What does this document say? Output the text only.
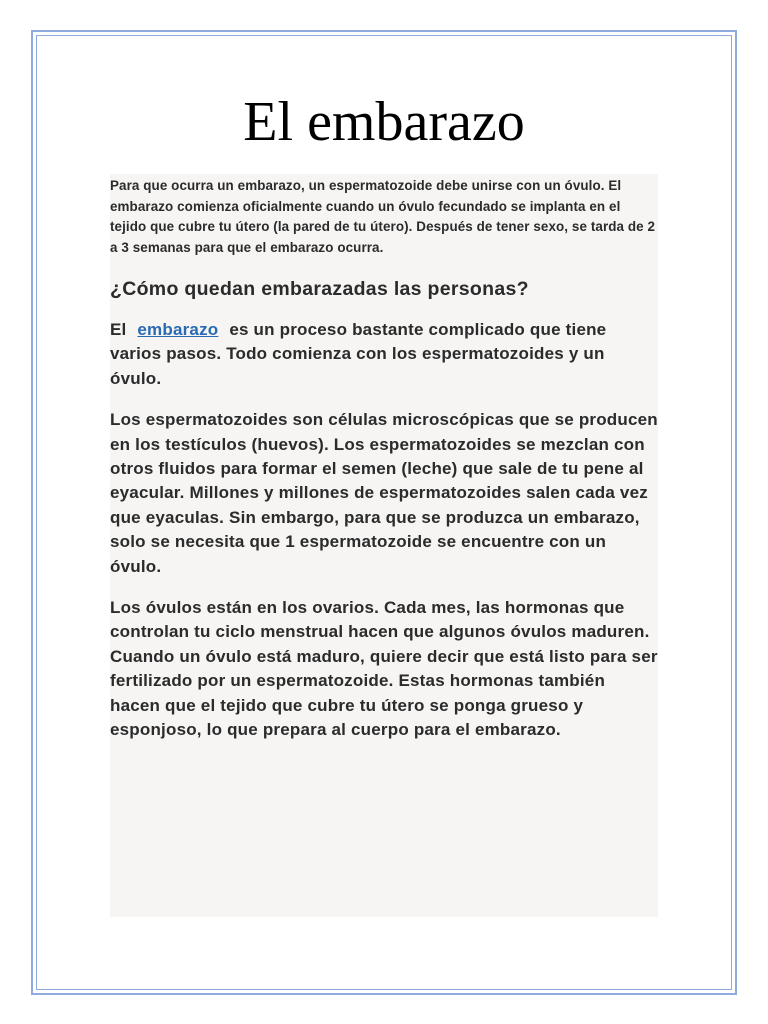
El embarazo

Para que ocurra un embarazo, un espermatozoide debe unirse con un óvulo. El embarazo comienza oficialmente cuando un óvulo fecundado se implanta en el tejido que cubre tu útero (la pared de tu útero). Después de tener sexo, se tarda de 2 a 3 semanas para que el embarazo ocurra.

¿Cómo quedan embarazadas las personas?

El embarazo es un proceso bastante complicado que tiene varios pasos. Todo comienza con los espermatozoides y un óvulo.

Los espermatozoides son células microscópicas que se producen en los testículos (huevos). Los espermatozoides se mezclan con otros fluidos para formar el semen (leche) que sale de tu pene al eyacular. Millones y millones de espermatozoides salen cada vez que eyaculas. Sin embargo, para que se produzca un embarazo, solo se necesita que 1 espermatozoide se encuentre con un óvulo.

Los óvulos están en los ovarios. Cada mes, las hormonas que controlan tu ciclo menstrual hacen que algunos óvulos maduren. Cuando un óvulo está maduro, quiere decir que está listo para ser fertilizado por un espermatozoide. Estas hormonas también hacen que el tejido que cubre tu útero se ponga grueso y esponjoso, lo que prepara al cuerpo para el embarazo.
